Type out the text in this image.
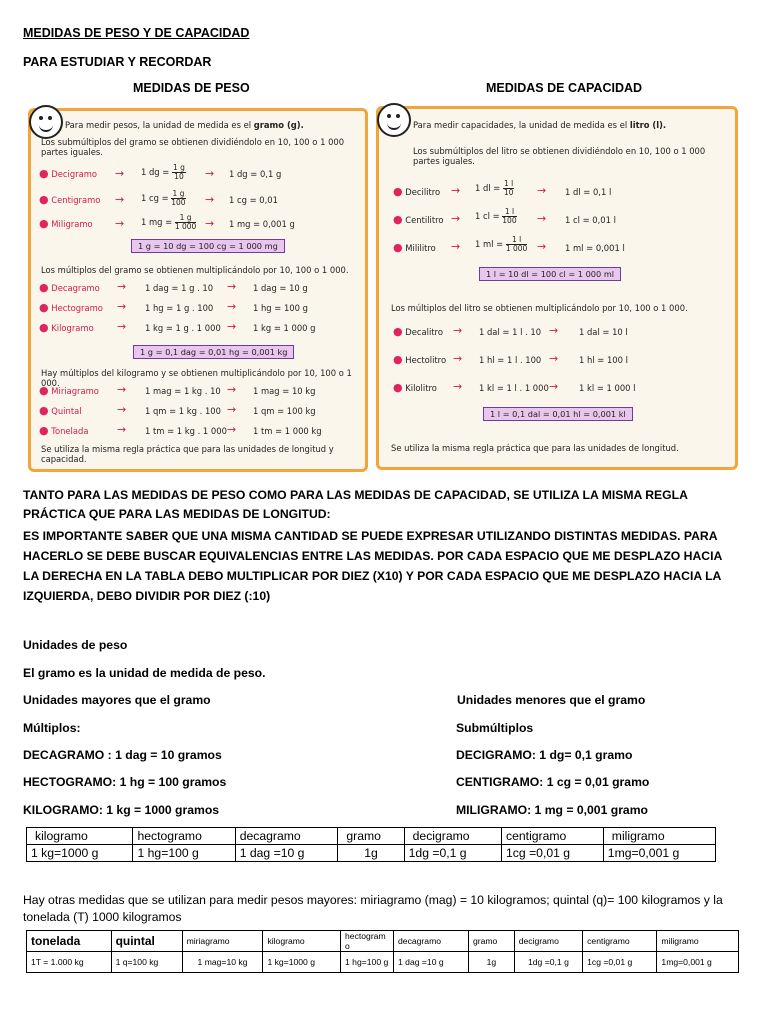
MEDIDAS DE PESO Y DE CAPACIDAD
PARA ESTUDIAR Y RECORDAR
MEDIDAS DE PESO	MEDIDAS DE CAPACIDAD
Para medir pesos, la unidad de medida es el gramo (g).
Los submúltiplos del gramo se obtienen dividiéndolo en 10, 100 o 1 000 partes iguales.
● Decigramo → 1 dg = $\frac{1 g}{10} \to 1$ dg = 0,1 g
● Centigramo → 1 cg = $\frac{1 g}{100} \to 1$ cg = 0,01
● Miligramo → 1 mg = $\frac{1 g}{1 000} \to 1$ mg = 0,001 g
1 g = 10 dg = 100 cg = 1 000 mg
Los múltiplos del gramo se obtienen multiplicándolo por 10, 100 o 1 000.
● Decagramo → 1 dag = 1 g . 10 → 1 dag = 10 g
● Hectogramo → 1 hg = 1 g . 100 → 1 hg = 100 g
● Kilogramo → 1 kg = 1 g . 1 000 → 1 kg = 1 000 g
1 g = 0,1 dag = 0,01 hg = 0,001 kg
Hay múltiplos del kilogramo y se obtienen multiplicándolo por 10, 100 o 1 000.
● Miriagramo → 1 mag = 1 kg . 10 → 1 mag = 10 kg
● Quintal	→ 1 qm = 1 kg . 100 → 1 qm = 100 kg
● Tonelada	→ 1 tm = 1 kg . 1 000 → 1 tm = 1 000 kg
Se utiliza la misma regla práctica que para las unidades de longitud y capacidad.
Para medir capacidades, la unidad de medida es el litro (l).
Los submúltiplos del litro se obtienen dividiéndolo en 10, 100 o 1 000 partes iguales.
● Decilitro → 1 dl = $\frac{1 l}{10} \to 1$ dl = 0,1 l
● Centilitro → 1 cl = $\frac{1 l}{100} \to 1$ cl = 0,01 l
● Mililitro → 1 ml = $\frac{1 l}{1 000} \to 1$ ml = 0,001 l
1 l = 10 dl = 100 cl = 1 000 ml
Los múltiplos del litro se obtienen multiplicándolo por 10, 100 o 1 000.
● Decalitro → 1 dal = 1 l . 10 → 1 dal = 10 l
● Hectolitro → 1 hl = 1 l . 100 → 1 hl = 100 l
● Kilolitro → 1 kl = 1 l . 1 000 → 1 kl = 1 000 l
1 l = 0,1 dal = 0,01 hl = 0,001 kl
Se utiliza la misma regla práctica que para las unidades de longitud.
TANTO PARA LAS MEDIDAS DE PESO COMO PARA LAS MEDIDAS DE CAPACIDAD, SE UTILIZA LA MISMA REGLA PRÁCTICA QUE PARA LAS MEDIDAS DE LONGITUD:
ES IMPORTANTE SABER QUE UNA MISMA CANTIDAD SE PUEDE EXPRESAR UTILIZANDO DISTINTAS MEDIDAS. PARA HACERLO SE DEBE BUSCAR EQUIVALENCIAS ENTRE LAS MEDIDAS. POR CADA ESPACIO QUE ME DESPLAZO HACIA LA DERECHA EN LA TABLA DEBO MULTIPLICAR POR DIEZ (X10) Y POR CADA ESPACIO QUE ME DESPLAZO HACIA LA IZQUIERDA, DEBO DIVIDIR POR DIEZ (:10)
Unidades de peso
El gramo es la unidad de medida de peso.
Unidades mayores que el gramo	Unidades menores que el gramo
Múltiplos:	Submúltiplos
DECAGRAMO : 1 dag = 10 gramos	DECIGRAMO: 1 dg= 0,1 gramo
HECTOGRAMO: 1 hg = 100 gramos	CENTIGRAMO: 1 cg = 0,01 gramo
KILOGRAMO: 1 kg = 1000 gramos	MILIGRAMO: 1 mg = 0,001 gramo
kilogramo	hectogramo	decagramo	gramo	decigramo	centigramo	miligramo
1 kg=1000 g	1 hg=100 g	1 dag =10 g	1g	1dg =0,1 g	1cg =0,01 g	1mg=0,001 g
Hay otras medidas que se utilizan para medir pesos mayores: miriagramo (mag) = 10 kilogramos; quintal (q)= 100 kilogramos y la tonelada (T) 1000 kilogramos
tonelada	quintal	miriagramo	kilogramo	hectogram o	decagramo	gramo	decigramo	centigramo	miligramo
1T = 1.000 kg	1 q=100 kg	1 mag=10 kg	1 kg=1000 g	1 hg=100 g	1 dag =10 g	1g	1dg =0,1 g	1cg =0,01 g	1mg=0,001 g
